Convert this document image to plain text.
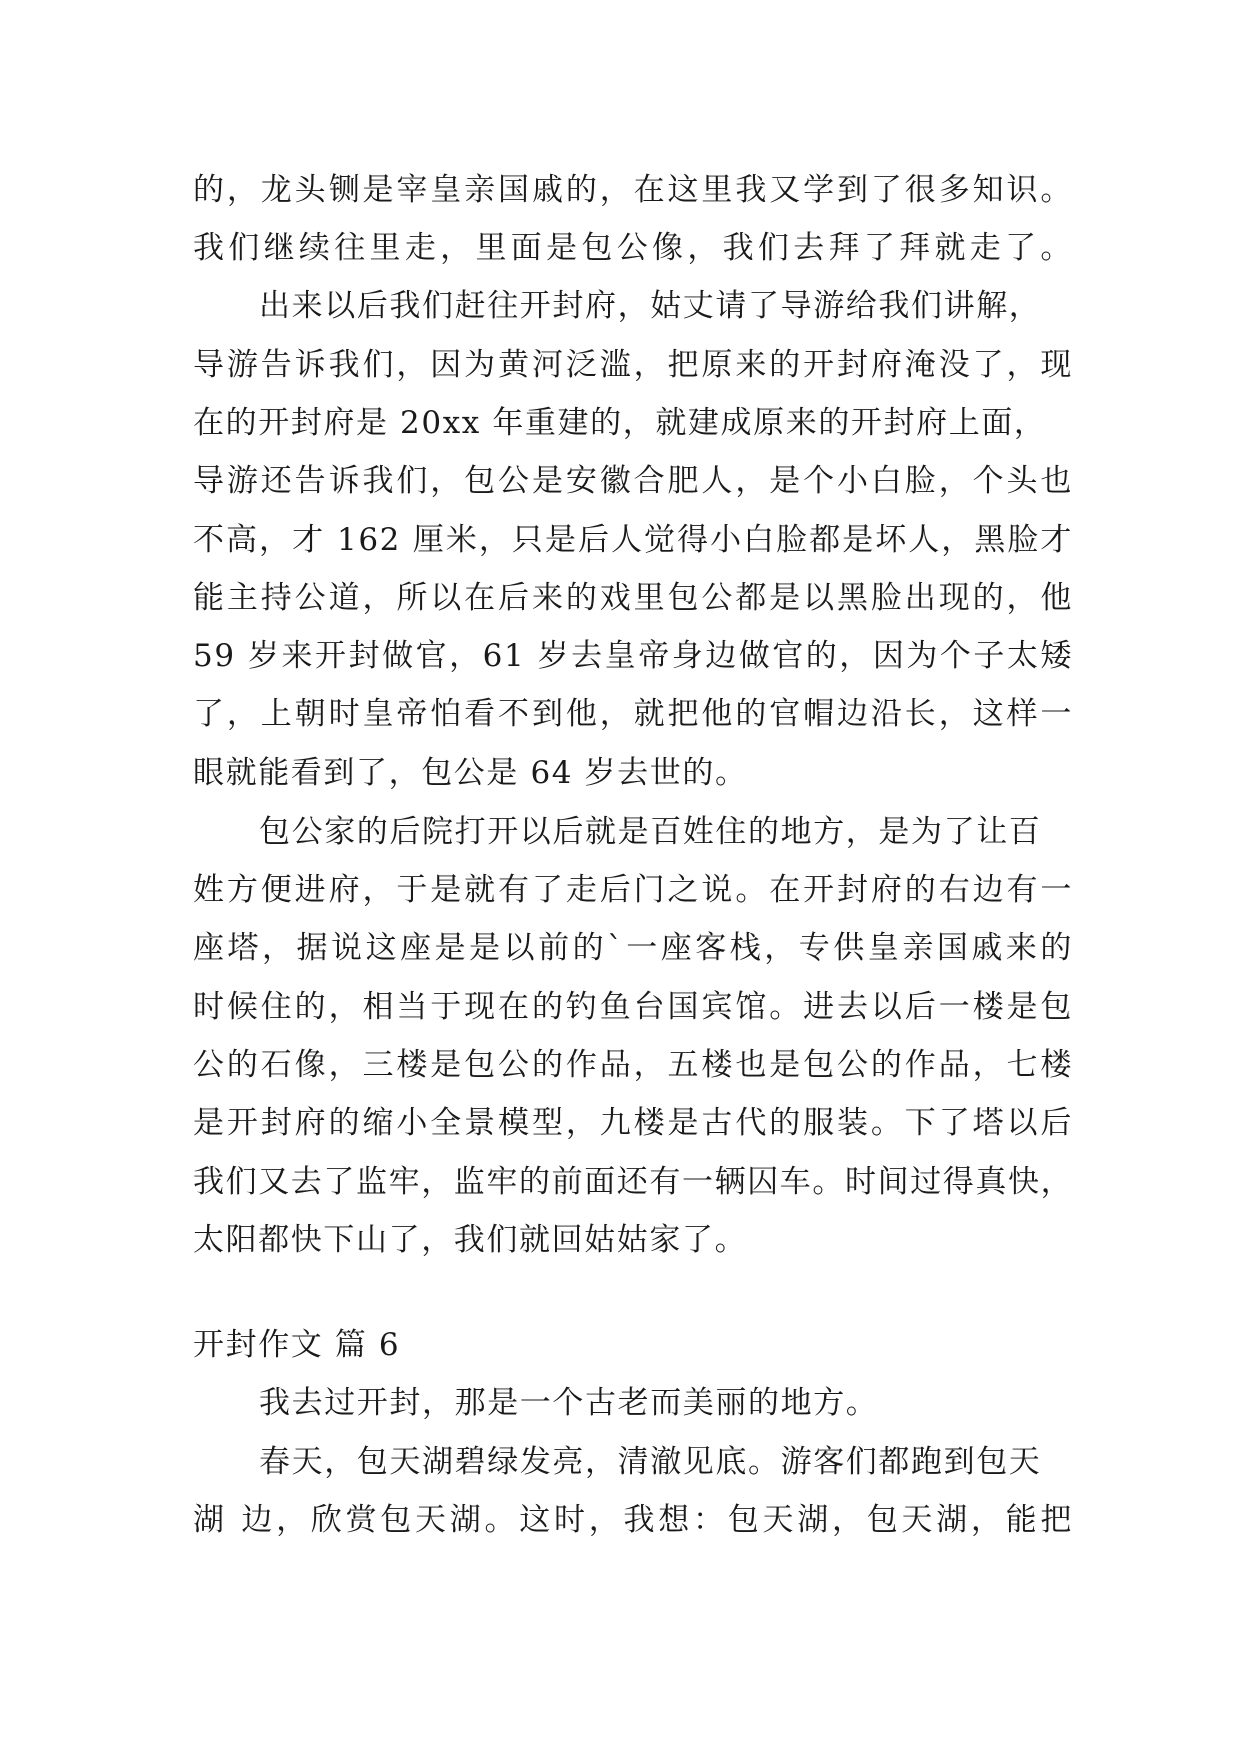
的，龙头铡是宰皇亲国戚的，在这里我又学到了很多知识。
我们继续往里走，里面是包公像，我们去拜了拜就走了。
出来以后我们赶往开封府，姑丈请了导游给我们讲解，
导游告诉我们，因为黄河泛滥，把原来的开封府淹没了，现
在的开封府是 20xx 年重建的，就建成原来的开封府上面，
导游还告诉我们，包公是安徽合肥人，是个小白脸，个头也
不高，才 162 厘米，只是后人觉得小白脸都是坏人，黑脸才
能主持公道，所以在后来的戏里包公都是以黑脸出现的，他
59 岁来开封做官，61 岁去皇帝身边做官的，因为个子太矮
了，上朝时皇帝怕看不到他，就把他的官帽边沿长，这样一
眼就能看到了，包公是 64 岁去世的。
包公家的后院打开以后就是百姓住的地方，是为了让百
姓方便进府，于是就有了走后门之说。在开封府的右边有一
座塔，据说这座是是以前的`一座客栈，专供皇亲国戚来的
时候住的，相当于现在的钓鱼台国宾馆。进去以后一楼是包
公的石像，三楼是包公的作品，五楼也是包公的作品，七楼
是开封府的缩小全景模型，九楼是古代的服装。下了塔以后
我们又去了监牢，监牢的前面还有一辆囚车。时间过得真快，
太阳都快下山了，我们就回姑姑家了。
开封作文 篇 6
我去过开封，那是一个古老而美丽的地方。
春天，包天湖碧绿发亮，清澈见底。游客们都跑到包天
湖 边，欣赏包天湖。这时，我想：包天湖，包天湖，能把
